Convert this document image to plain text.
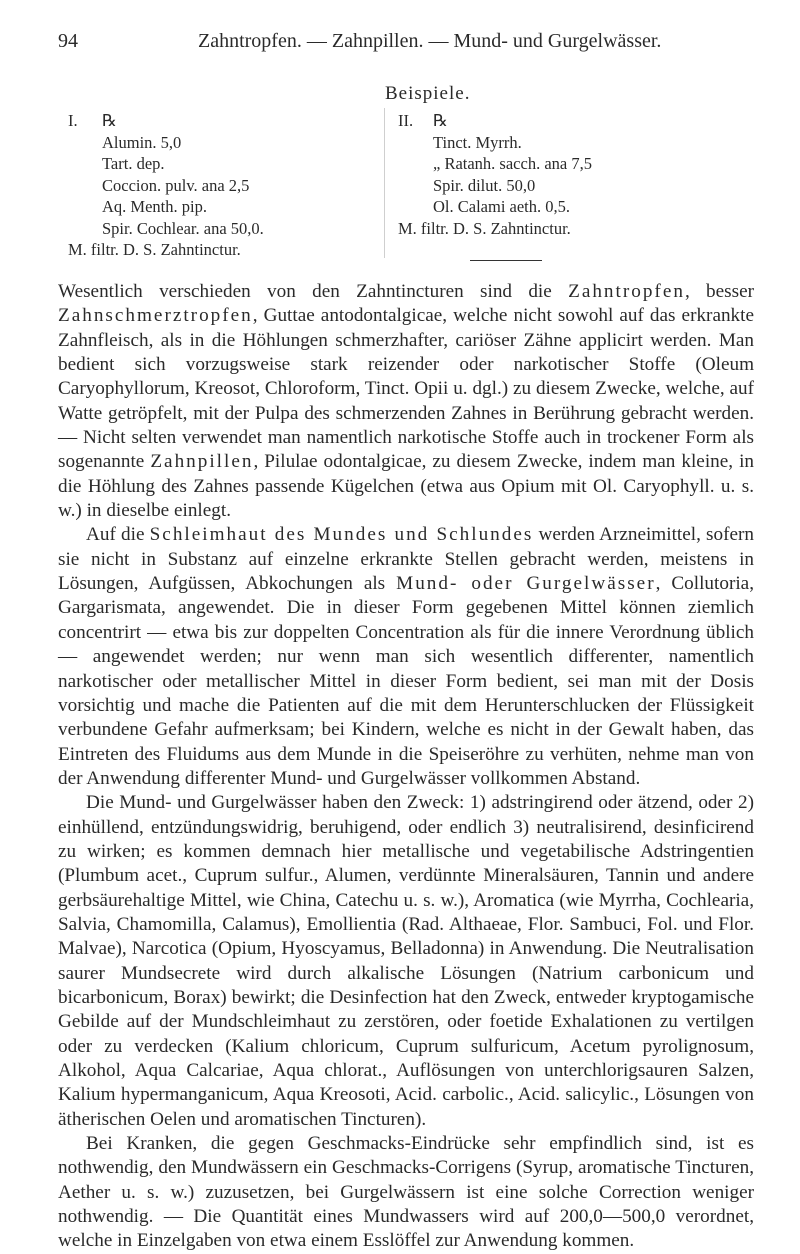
94	Zahntropfen. — Zahnpillen. — Mund- und Gurgelwässer.
Beispiele.
I. ℞
Alumin. 5,0
Tart. dep.
Coccion. pulv. ana 2,5
Aq. Menth. pip.
Spir. Cochlear. ana 50,0.
M. filtr. D. S. Zahntinctur.
II. ℞
Tinct. Myrrh.
„ Ratanh. sacch. ana 7,5
Spir. dilut. 50,0
Ol. Calami aeth. 0,5.
M. filtr. D. S. Zahntinctur.

Wesentlich verschieden von den Zahntincturen sind die Zahntropfen, besser Zahnschmerztropfen, Guttae antodontalgicae, welche nicht sowohl auf das erkrankte Zahnfleisch, als in die Höhlungen schmerzhafter, cariöser Zähne applicirt werden. Man bedient sich vorzugsweise stark reizender oder narkotischer Stoffe (Oleum Caryophyllorum, Kreosot, Chloroform, Tinct. Opii u. dgl.) zu diesem Zwecke, welche, auf Watte getröpfelt, mit der Pulpa des schmerzenden Zahnes in Berührung gebracht werden. — Nicht selten verwendet man namentlich narkotische Stoffe auch in trockener Form als sogenannte Zahnpillen, Pilulae odontalgicae, zu diesem Zwecke, indem man kleine, in die Höhlung des Zahnes passende Kügelchen (etwa aus Opium mit Ol. Caryophyll. u. s. w.) in dieselbe einlegt.

Auf die Schleimhaut des Mundes und Schlundes werden Arzneimittel, sofern sie nicht in Substanz auf einzelne erkrankte Stellen gebracht werden, meistens in Lösungen, Aufgüssen, Abkochungen als Mund- oder Gurgelwässer, Collutoria, Gargarismata, angewendet. Die in dieser Form gegebenen Mittel können ziemlich concentrirt — etwa bis zur doppelten Concentration als für die innere Verordnung üblich — angewendet werden; nur wenn man sich wesentlich differenter, namentlich narkotischer oder metallischer Mittel in dieser Form bedient, sei man mit der Dosis vorsichtig und mache die Patienten auf die mit dem Herunterschlucken der Flüssigkeit verbundene Gefahr aufmerksam; bei Kindern, welche es nicht in der Gewalt haben, das Eintreten des Fluidums aus dem Munde in die Speiseröhre zu verhüten, nehme man von der Anwendung differenter Mund- und Gurgelwässer vollkommen Abstand.

Die Mund- und Gurgelwässer haben den Zweck: 1) adstringirend oder ätzend, oder 2) einhüllend, entzündungswidrig, beruhigend, oder endlich 3) neutralisirend, desinficirend zu wirken; es kommen demnach hier metallische und vegetabilische Adstringentien (Plumbum acet., Cuprum sulfur., Alumen, verdünnte Mineralsäuren, Tannin und andere gerbsäurehaltige Mittel, wie China, Catechu u. s. w.), Aromatica (wie Myrrha, Cochlearia, Salvia, Chamomilla, Calamus), Emollientia (Rad. Althaeae, Flor. Sambuci, Fol. und Flor. Malvae), Narcotica (Opium, Hyoscyamus, Belladonna) in Anwendung. Die Neutralisation saurer Mundsecrete wird durch alkalische Lösungen (Natrium carbonicum und bicarbonicum, Borax) bewirkt; die Desinfection hat den Zweck, entweder kryptogamische Gebilde auf der Mundschleimhaut zu zerstören, oder foetide Exhalationen zu vertilgen oder zu verdecken (Kalium chloricum, Cuprum sulfuricum, Acetum pyrolignosum, Alkohol, Aqua Calcariae, Aqua chlorat., Auflösungen von unterchlorigsauren Salzen, Kalium hypermanganicum, Aqua Kreosoti, Acid. carbolic., Acid. salicylic., Lösungen von ätherischen Oelen und aromatischen Tincturen).

Bei Kranken, die gegen Geschmacks-Eindrücke sehr empfindlich sind, ist es nothwendig, den Mundwässern ein Geschmacks-Corrigens (Syrup, aromatische Tincturen, Aether u. s. w.) zuzusetzen, bei Gurgelwässern ist eine solche Correction weniger nothwendig. — Die Quantität eines Mundwassers wird auf 200,0—500,0 verordnet, welche in Einzelgaben von etwa einem Esslöffel zur Anwendung kommen.
